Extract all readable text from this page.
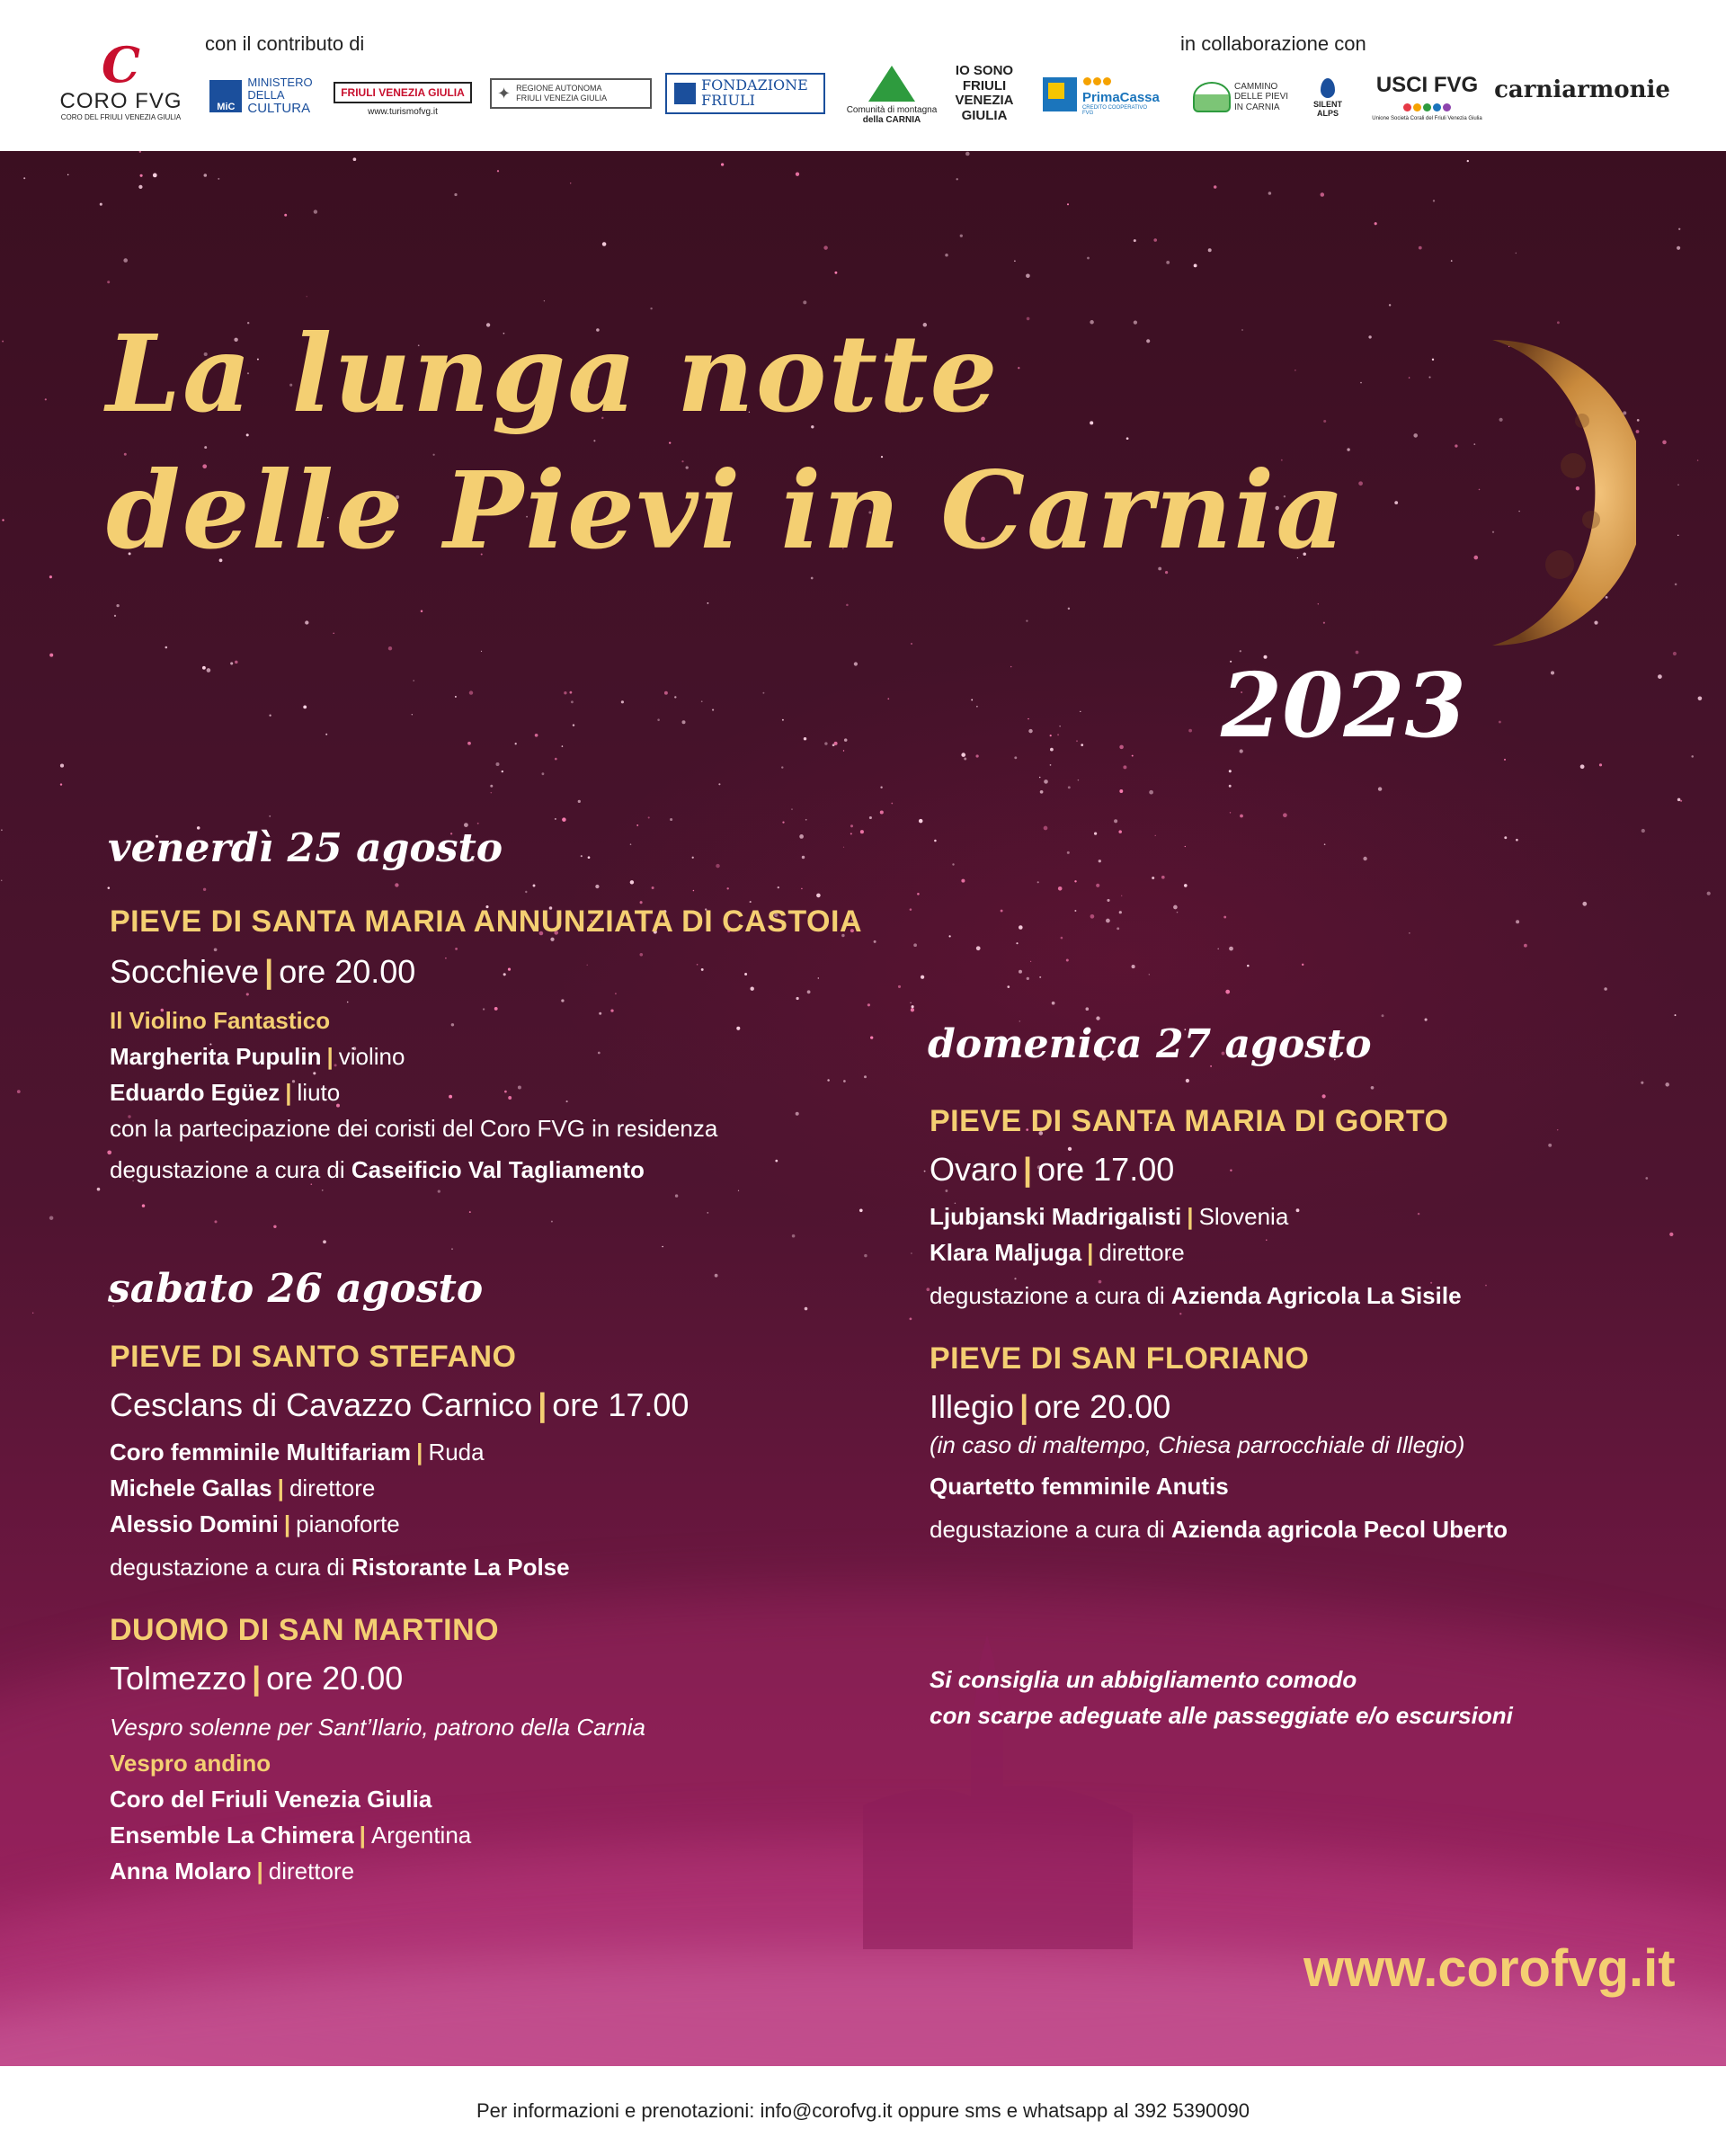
con il contributo di	in collaborazione con
C
CORO FVG
CORO DEL FRIULI VENEZIA GIULIA
MiC
MINISTERO
DELLA
CULTURA
FRIULI VENEZIA GIULIA
www.turismofvg.it
✦ REGIONE AUTONOMA
FRIULI VENEZIA GIULIA
FONDAZIONE
FRIULI
Comunità di montagna
della CARNIA
IO SONO
FRIULI
VENEZIA
GIULIA
PrimaCassa
CREDITO COOPERATIVO FVG
CAMMINO
DELLE PIEVI
IN CARNIA	SILENT
ALPS
USCI FVG
Unione Società Corali del Friuli Venezia Giulia
carniarmonie
La lunga notte
delle Pievi in Carnia
2023
venerdì 25 agosto
PIEVE DI SANTA MARIA ANNUNZIATA DI CASTOIA
Socchieve | ore 20.00
Il Violino Fantastico
Margherita Pupulin | violino
Eduardo Egüez | liuto
con la partecipazione dei coristi del Coro FVG in residenza
degustazione a cura di Caseificio Val Tagliamento
sabato 26 agosto
PIEVE DI SANTO STEFANO
Cesclans di Cavazzo Carnico | ore 17.00
Coro femminile Multifariam | Ruda
Michele Gallas | direttore
Alessio Domini | pianoforte
degustazione a cura di Ristorante La Polse
DUOMO DI SAN MARTINO
Tolmezzo | ore 20.00
Vespro solenne per Sant’Ilario, patrono della Carnia
Vespro andino
Coro del Friuli Venezia Giulia
Ensemble La Chimera | Argentina
Anna Molaro | direttore
domenica 27 agosto
PIEVE DI SANTA MARIA DI GORTO
Ovaro | ore 17.00
Ljubjanski Madrigalisti | Slovenia
Klara Maljuga | direttore
degustazione a cura di Azienda Agricola La Sisile
PIEVE DI SAN FLORIANO
Illegio | ore 20.00
(in caso di maltempo, Chiesa parrocchiale di Illegio)
Quartetto femminile Anutis
degustazione a cura di Azienda agricola Pecol Uberto
Si consiglia un abbigliamento comodo
con scarpe adeguate alle passeggiate e/o escursioni
www.corofvg.it
Per informazioni e prenotazioni: info@corofvg.it oppure sms e whatsapp al 392 5390090
